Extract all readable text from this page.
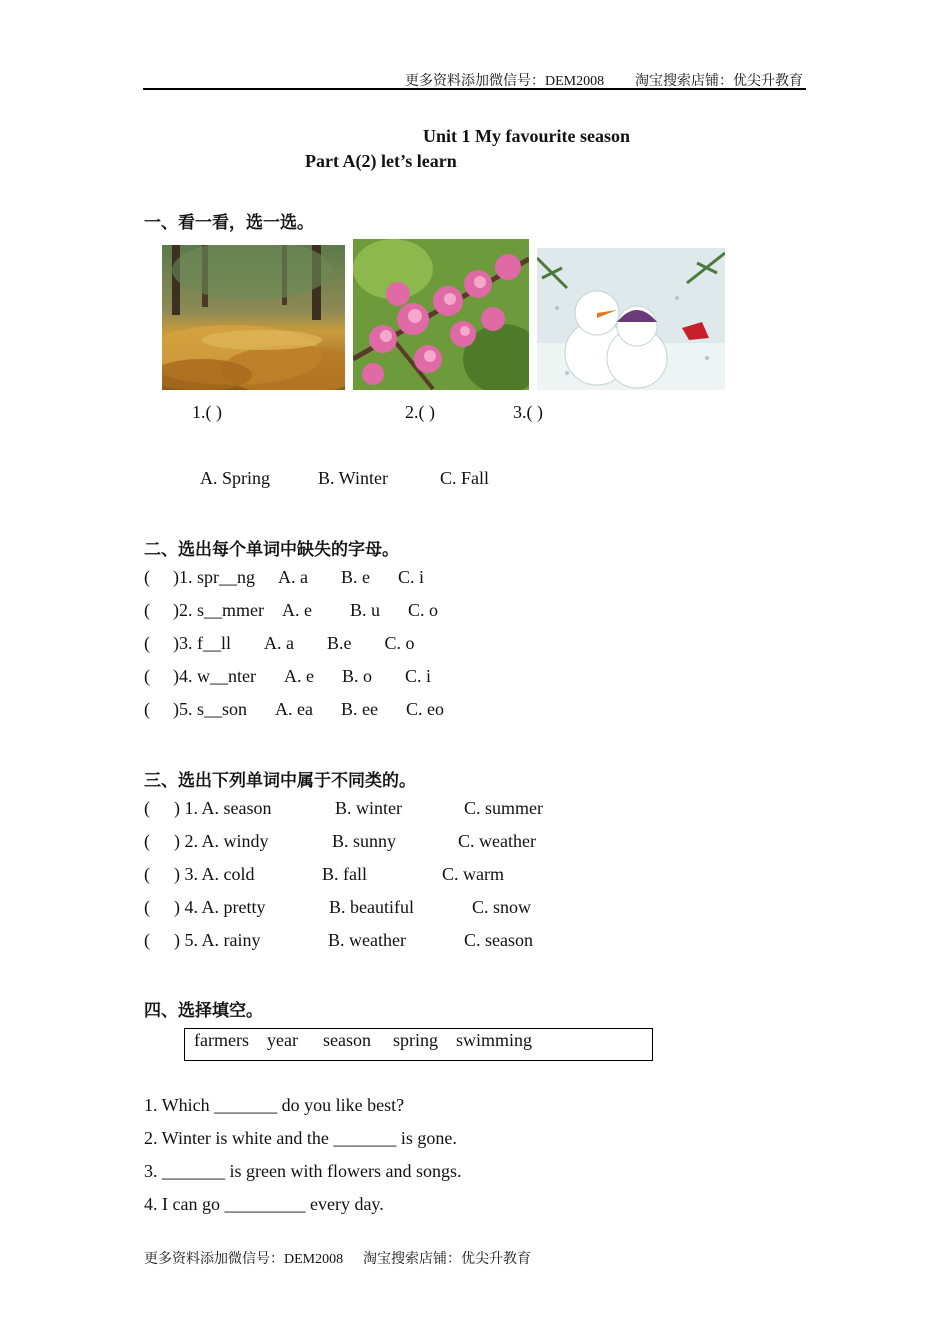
更多资料添加微信号：DEM2008 淘宝搜索店铺：优尖升教育
Unit 1 My favourite season
Part A(2) let’s learn
一、看一看，选一选。
1.( )	2.( )	3.( )
A. Spring	B. Winter	C. Fall
二、选出每个单词中缺失的字母。
( )1. spr__ng A. a B. e C. i
( )2. s__mmer A. e B. u C. o
( )3. f__ll A. a B.e C. o
( )4. w__nter A. e B. o C. i
( )5. s__son A. ea B. ee C. eo
三、选出下列单词中属于不同类的。
( ) 1. A. season	B. winter	C. summer
( ) 2. A. windy	B. sunny	C. weather
( ) 3. A. cold	B. fall	C. warm
( ) 4. A. pretty	B. beautiful	C. snow
( ) 5. A. rainy	B. weather	C. season
四、选择填空。
farmers year season spring swimming
1. Which _______ do you like best?
2. Winter is white and the _______ is gone.
3. _______ is green with flowers and songs.
4. I can go _________ every day.
更多资料添加微信号：DEM2008 淘宝搜索店铺：优尖升教育
